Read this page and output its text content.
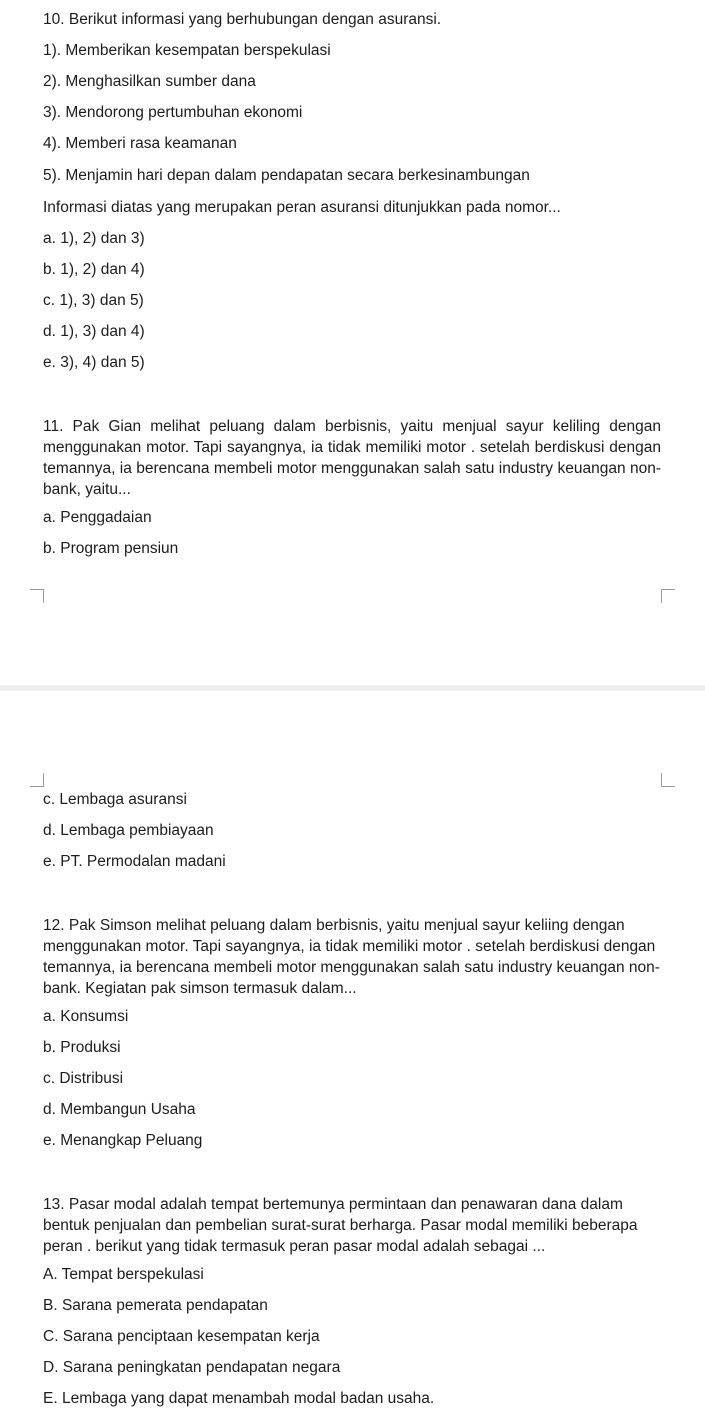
10. Berikut informasi yang berhubungan dengan asuransi.
1). Memberikan kesempatan berspekulasi
2). Menghasilkan sumber dana
3). Mendorong pertumbuhan ekonomi
4). Memberi rasa keamanan
5). Menjamin hari depan dalam pendapatan secara berkesinambungan
Informasi diatas yang merupakan peran asuransi ditunjukkan pada nomor...
a. 1), 2) dan 3)
b. 1), 2) dan 4)
c. 1), 3) dan 5)
d. 1), 3) dan 4)
e. 3), 4) dan 5)
11. Pak Gian melihat peluang dalam berbisnis, yaitu menjual sayur keliling dengan menggunakan motor. Tapi sayangnya, ia tidak memiliki motor . setelah berdiskusi dengan temannya, ia berencana membeli motor menggunakan salah satu industry keuangan non-bank, yaitu...
a. Penggadaian
b. Program pensiun
c. Lembaga asuransi
d. Lembaga pembiayaan
e. PT. Permodalan madani
12. Pak Simson melihat peluang dalam berbisnis, yaitu menjual sayur keliing dengan menggunakan motor. Tapi sayangnya, ia tidak memiliki motor . setelah berdiskusi dengan temannya, ia berencana membeli motor menggunakan salah satu industry keuangan non-bank. Kegiatan pak simson termasuk dalam...
a. Konsumsi
b. Produksi
c. Distribusi
d. Membangun Usaha
e. Menangkap Peluang
13. Pasar modal adalah tempat bertemunya permintaan dan penawaran dana dalam bentuk penjualan dan pembelian surat-surat berharga. Pasar modal memiliki beberapa peran . berikut yang tidak termasuk peran pasar modal adalah sebagai ...
A. Tempat berspekulasi
B. Sarana pemerata pendapatan
C. Sarana penciptaan kesempatan kerja
D. Sarana peningkatan pendapatan negara
E. Lembaga yang dapat menambah modal badan usaha.
